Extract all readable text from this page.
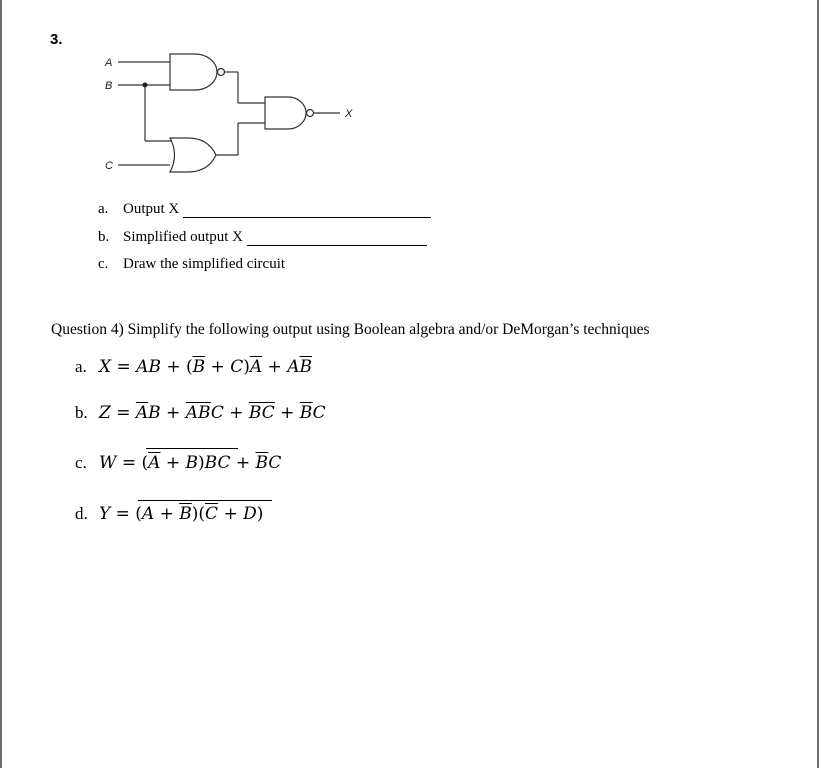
3.
A
B
C
X
a. Output X
b. Simplified output X
c. Draw the simplified circuit
Question 4) Simplify the following output using Boolean algebra and/or DeMorgan’s techniques
a. X = AB + $(\overline{B} + C)\overline{A} + A\overline{B}$
b. $Z = \overline{A}B + \overline{A}\overline{B}C + \overline{B}\overline{C} + \overline{B}C$
c. $W = (\overline{A} + B)BC + \overline{B}C$
d. $Y = (A + \overline{B})(\overline{C} + D)$
